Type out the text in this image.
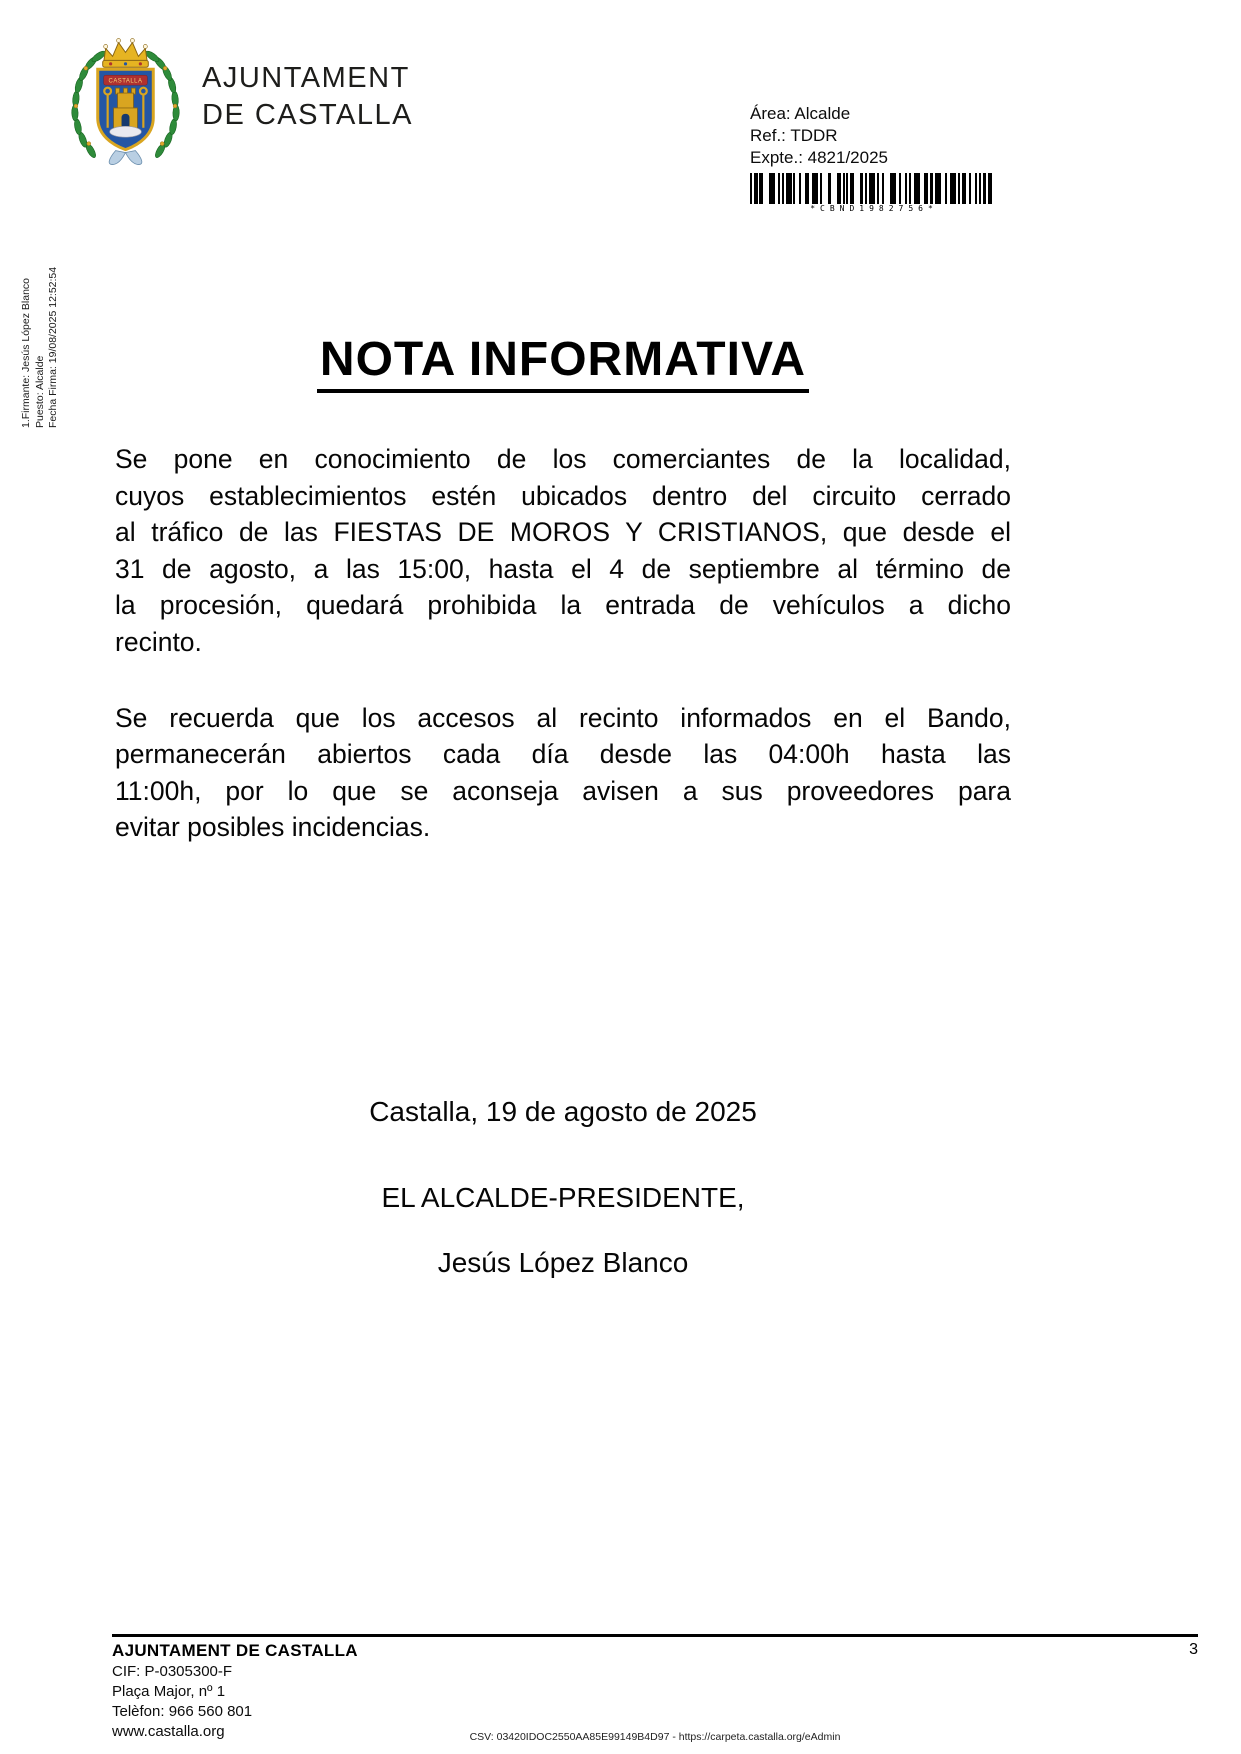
1.Firmante: Jesús López Blanco Puesto: Alcalde Fecha Firma: 19/08/2025 12:52:54
CASTALLA AJUNTAMENT
DE CASTALLA	Área: Alcalde
Ref.: TDDR
Expte.: 4821/2025
*CBND1982756*
NOTA INFORMATIVA
Se pone en conocimiento de los comerciantes de la localidad,
cuyos establecimientos estén ubicados dentro del circuito cerrado
al tráfico de las FIESTAS DE MOROS Y CRISTIANOS, que desde el
31 de agosto, a las 15:00, hasta el 4 de septiembre al término de
la procesión, quedará prohibida la entrada de vehículos a dicho
recinto.
Se recuerda que los accesos al recinto informados en el Bando,
permanecerán abiertos cada día desde las 04:00h hasta las
11:00h, por lo que se aconseja avisen a sus proveedores para
evitar posibles incidencias.
Castalla, 19 de agosto de 2025
EL ALCALDE-PRESIDENTE,
Jesús López Blanco
AJUNTAMENT DE CASTALLA	3
CIF: P-0305300-F
Plaça Major, nº 1
Telèfon: 966 560 801
www.castalla.org	CSV: 03420IDOC2550AA85E99149B4D97 - https://carpeta.castalla.org/eAdmin
